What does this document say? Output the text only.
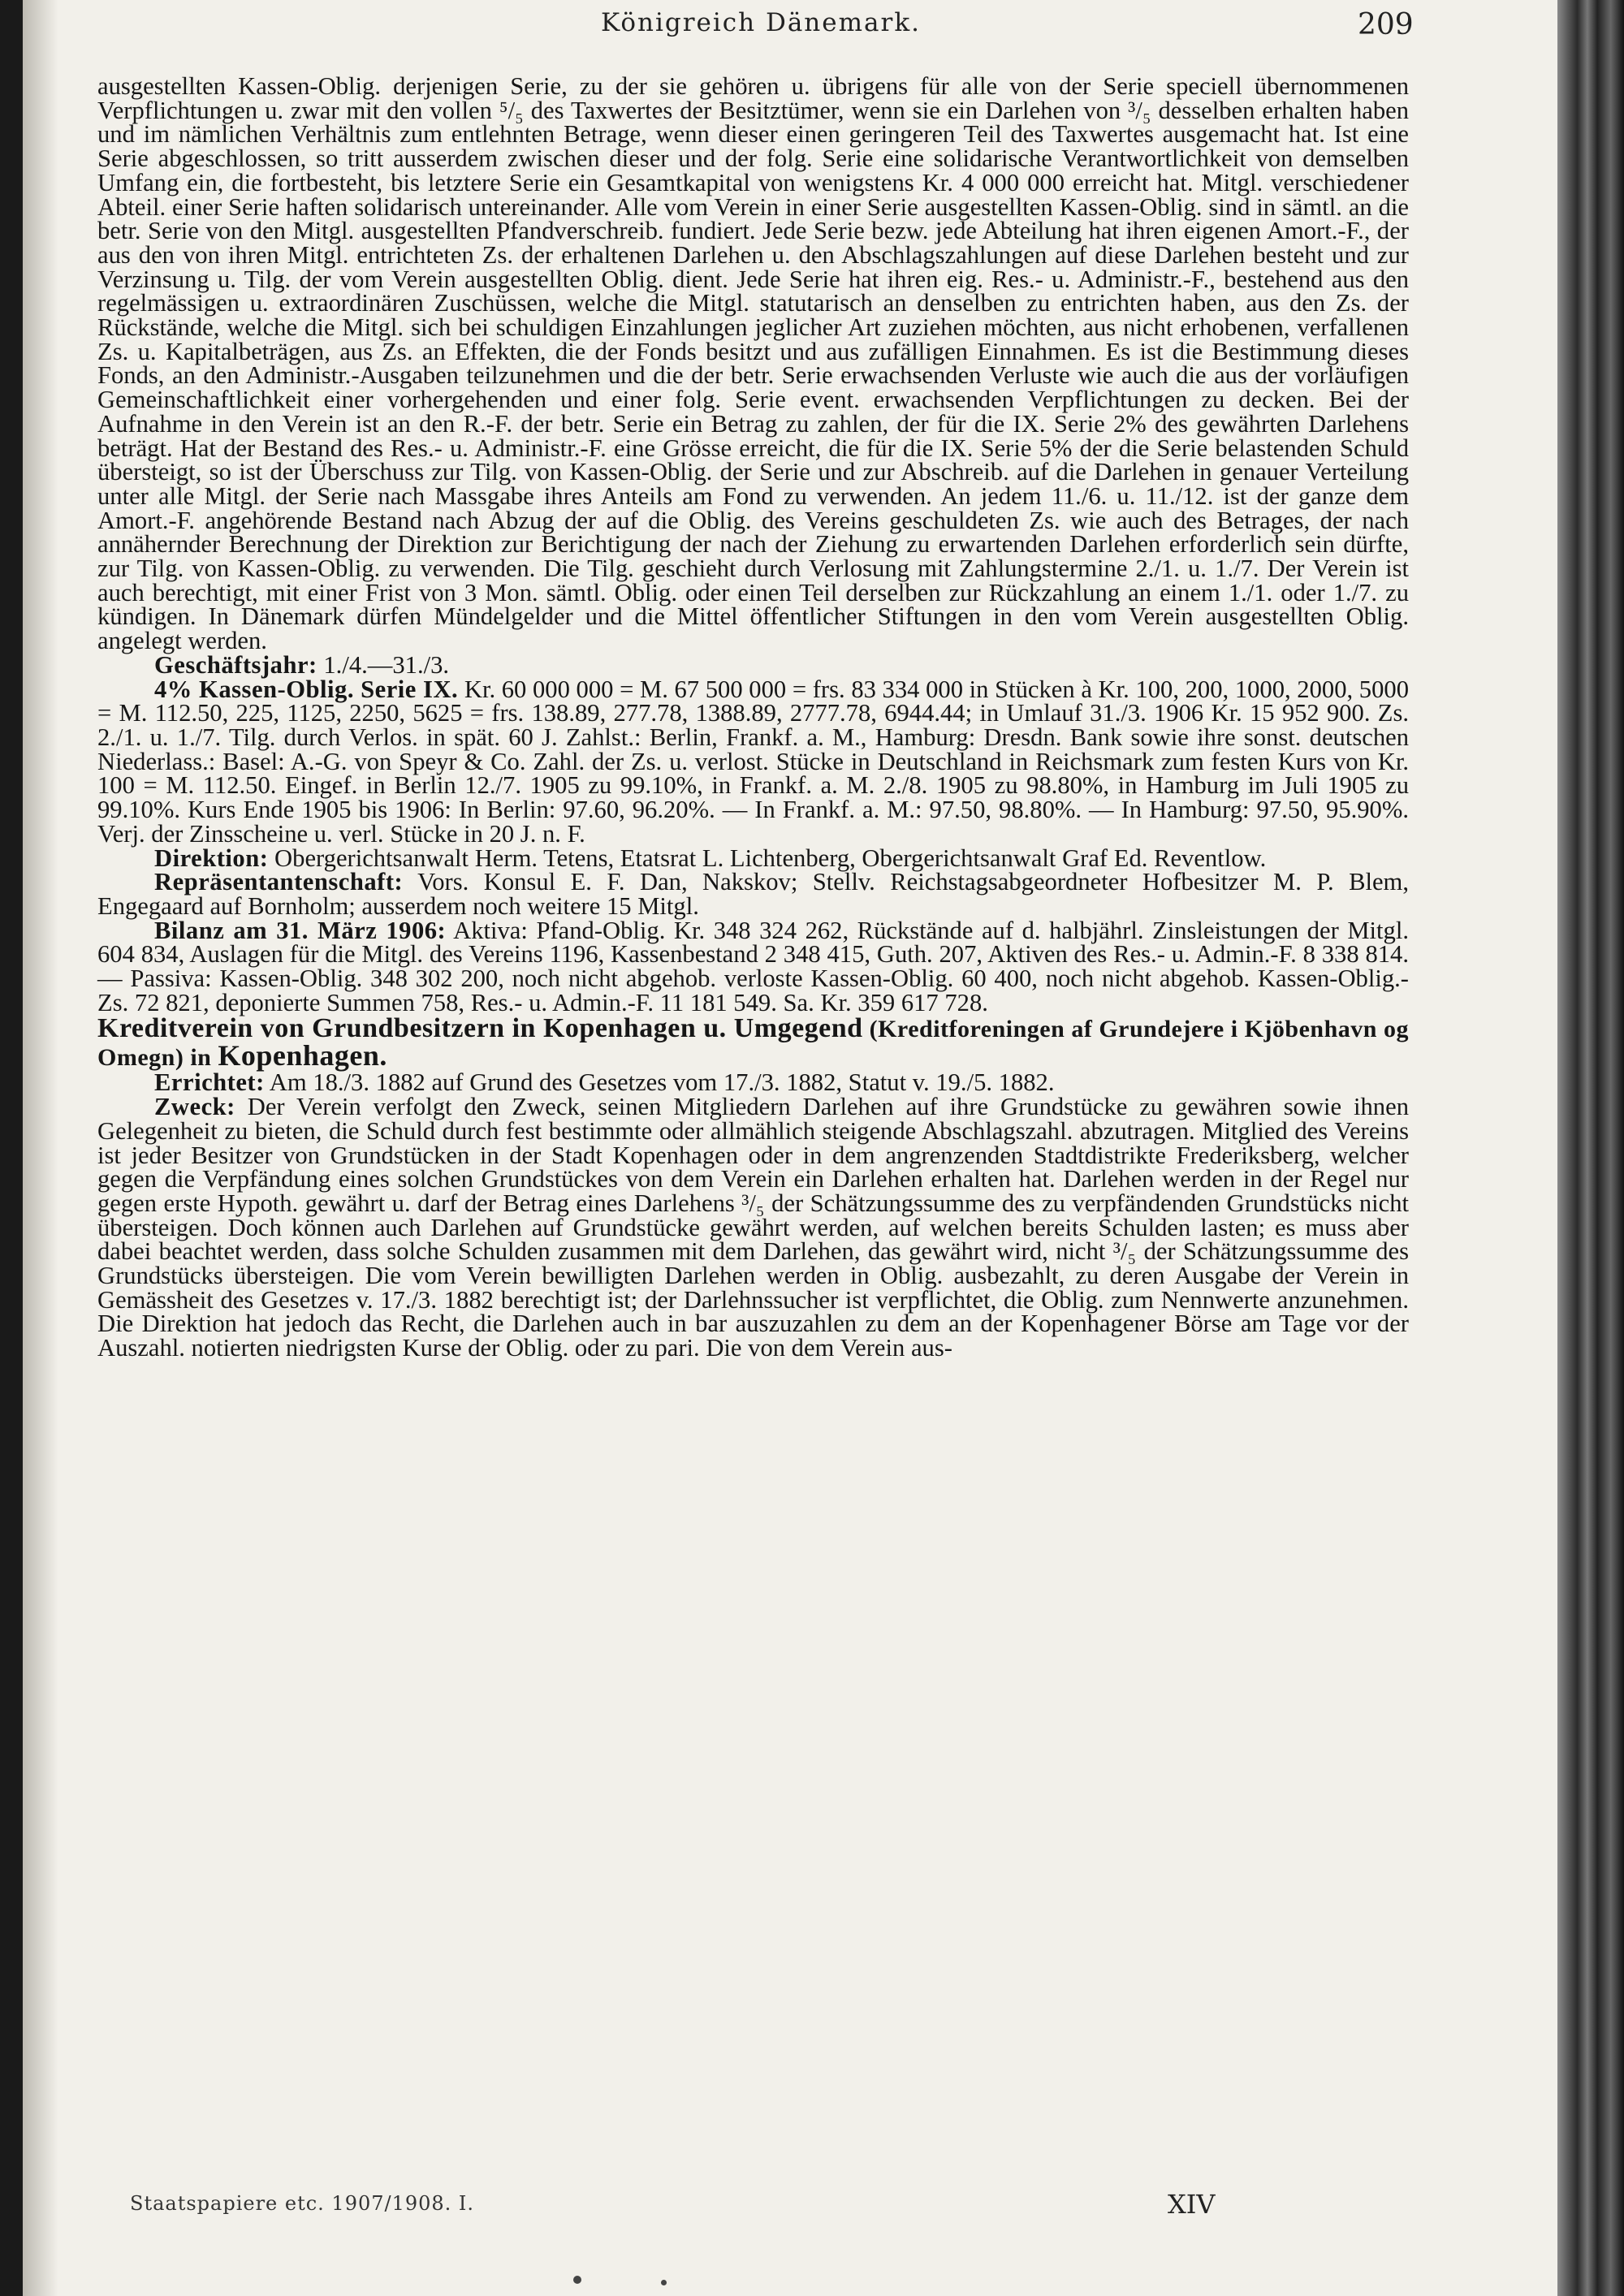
Königreich Dänemark.	209

ausgestellten Kassen-Oblig. derjenigen Serie, zu der sie gehören u. übrigens für alle von der Serie speciell übernommenen Verpflichtungen u. zwar mit den vollen ⁵/₅ des Taxwertes der Besitztümer, wenn sie ein Darlehen von ³/₅ desselben erhalten haben und im nämlichen Verhältnis zum entlehnten Betrage, wenn dieser einen geringeren Teil des Taxwertes ausgemacht hat. Ist eine Serie abgeschlossen, so tritt ausserdem zwischen dieser und der folg. Serie eine solidarische Verantwortlichkeit von demselben Umfang ein, die fortbesteht, bis letztere Serie ein Gesamtkapital von wenigstens Kr. 4 000 000 erreicht hat. Mitgl. verschiedener Abteil. einer Serie haften solidarisch untereinander. Alle vom Verein in einer Serie ausgestellten Kassen-Oblig. sind in sämtl. an die betr. Serie von den Mitgl. ausgestellten Pfandverschreib. fundiert. Jede Serie bezw. jede Abteilung hat ihren eigenen Amort.-F., der aus den von ihren Mitgl. entrichteten Zs. der erhaltenen Darlehen u. den Abschlagszahlungen auf diese Darlehen besteht und zur Verzinsung u. Tilg. der vom Verein ausgestellten Oblig. dient. Jede Serie hat ihren eig. Res.- u. Administr.-F., bestehend aus den regelmässigen u. extraordinären Zuschüssen, welche die Mitgl. statutarisch an denselben zu entrichten haben, aus den Zs. der Rückstände, welche die Mitgl. sich bei schuldigen Einzahlungen jeglicher Art zuziehen möchten, aus nicht erhobenen, verfallenen Zs. u. Kapitalbeträgen, aus Zs. an Effekten, die der Fonds besitzt und aus zufälligen Einnahmen. Es ist die Bestimmung dieses Fonds, an den Administr.-Ausgaben teilzunehmen und die der betr. Serie erwachsenden Verluste wie auch die aus der vorläufigen Gemeinschaftlichkeit einer vorhergehenden und einer folg. Serie event. erwachsenden Verpflichtungen zu decken. Bei der Aufnahme in den Verein ist an den R.-F. der betr. Serie ein Betrag zu zahlen, der für die IX. Serie 2% des gewährten Darlehens beträgt. Hat der Bestand des Res.- u. Administr.-F. eine Grösse erreicht, die für die IX. Serie 5% der die Serie belastenden Schuld übersteigt, so ist der Überschuss zur Tilg. von Kassen-Oblig. der Serie und zur Abschreib. auf die Darlehen in genauer Verteilung unter alle Mitgl. der Serie nach Massgabe ihres Anteils am Fond zu verwenden. An jedem 11./6. u. 11./12. ist der ganze dem Amort.-F. angehörende Bestand nach Abzug der auf die Oblig. des Vereins geschuldeten Zs. wie auch des Betrages, der nach annähernder Berechnung der Direktion zur Berichtigung der nach der Ziehung zu erwartenden Darlehen erforderlich sein dürfte, zur Tilg. von Kassen-Oblig. zu verwenden. Die Tilg. geschieht durch Verlosung mit Zahlungstermine 2./1. u. 1./7. Der Verein ist auch berechtigt, mit einer Frist von 3 Mon. sämtl. Oblig. oder einen Teil derselben zur Rückzahlung an einem 1./1. oder 1./7. zu kündigen. In Dänemark dürfen Mündelgelder und die Mittel öffentlicher Stiftungen in den vom Verein ausgestellten Oblig. angelegt werden.

Geschäftsjahr: 1./4.—31./3.

4% Kassen-Oblig. Serie IX. Kr. 60 000 000 = M. 67 500 000 = frs. 83 334 000 in Stücken à Kr. 100, 200, 1000, 2000, 5000 = M. 112.50, 225, 1125, 2250, 5625 = frs. 138.89, 277.78, 1388.89, 2777.78, 6944.44; in Umlauf 31./3. 1906 Kr. 15 952 900. Zs. 2./1. u. 1./7. Tilg. durch Verlos. in spät. 60 J. Zahlst.: Berlin, Frankf. a. M., Hamburg: Dresdn. Bank sowie ihre sonst. deutschen Niederlass.: Basel: A.-G. von Speyr & Co. Zahl. der Zs. u. verlost. Stücke in Deutschland in Reichsmark zum festen Kurs von Kr. 100 = M. 112.50. Eingef. in Berlin 12./7. 1905 zu 99.10%, in Frankf. a. M. 2./8. 1905 zu 98.80%, in Hamburg im Juli 1905 zu 99.10%. Kurs Ende 1905 bis 1906: In Berlin: 97.60, 96.20%. — In Frankf. a. M.: 97.50, 98.80%. — In Hamburg: 97.50, 95.90%. Verj. der Zinsscheine u. verl. Stücke in 20 J. n. F.

Direktion: Obergerichtsanwalt Herm. Tetens, Etatsrat L. Lichtenberg, Obergerichtsanwalt Graf Ed. Reventlow.

Repräsentantenschaft: Vors. Konsul E. F. Dan, Nakskov; Stellv. Reichstagsabgeordneter Hofbesitzer M. P. Blem, Engegaard auf Bornholm; ausserdem noch weitere 15 Mitgl.

Bilanz am 31. März 1906: Aktiva: Pfand-Oblig. Kr. 348 324 262, Rückstände auf d. halbjährl. Zinsleistungen der Mitgl. 604 834, Auslagen für die Mitgl. des Vereins 1196, Kassenbestand 2 348 415, Guth. 207, Aktiven des Res.- u. Admin.-F. 8 338 814. — Passiva: Kassen-Oblig. 348 302 200, noch nicht abgehob. verloste Kassen-Oblig. 60 400, noch nicht abgehob. Kassen-Oblig.-Zs. 72 821, deponierte Summen 758, Res.- u. Admin.-F. 11 181 549. Sa. Kr. 359 617 728.

Kreditverein von Grundbesitzern in Kopenhagen u. Umgegend (Kreditforeningen af Grundejere i Kjöbenhavn og Omegn) in Kopenhagen.

Errichtet: Am 18./3. 1882 auf Grund des Gesetzes vom 17./3. 1882, Statut v. 19./5. 1882.

Zweck: Der Verein verfolgt den Zweck, seinen Mitgliedern Darlehen auf ihre Grundstücke zu gewähren sowie ihnen Gelegenheit zu bieten, die Schuld durch fest bestimmte oder allmählich steigende Abschlagszahl. abzutragen. Mitglied des Vereins ist jeder Besitzer von Grundstücken in der Stadt Kopenhagen oder in dem angrenzenden Stadtdistrikte Frederiksberg, welcher gegen die Verpfändung eines solchen Grundstückes von dem Verein ein Darlehen erhalten hat. Darlehen werden in der Regel nur gegen erste Hypoth. gewährt u. darf der Betrag eines Darlehens ³/₅ der Schätzungssumme des zu verpfändenden Grundstücks nicht übersteigen. Doch können auch Darlehen auf Grundstücke gewährt werden, auf welchen bereits Schulden lasten; es muss aber dabei beachtet werden, dass solche Schulden zusammen mit dem Darlehen, das gewährt wird, nicht ³/₅ der Schätzungssumme des Grundstücks übersteigen. Die vom Verein bewilligten Darlehen werden in Oblig. ausbezahlt, zu deren Ausgabe der Verein in Gemässheit des Gesetzes v. 17./3. 1882 berechtigt ist; der Darlehnssucher ist verpflichtet, die Oblig. zum Nennwerte anzunehmen. Die Direktion hat jedoch das Recht, die Darlehen auch in bar auszuzahlen zu dem an der Kopenhagener Börse am Tage vor der Auszahl. notierten niedrigsten Kurse der Oblig. oder zu pari. Die von dem Verein aus-

Staatspapiere etc. 1907/1908. I.	XIV
